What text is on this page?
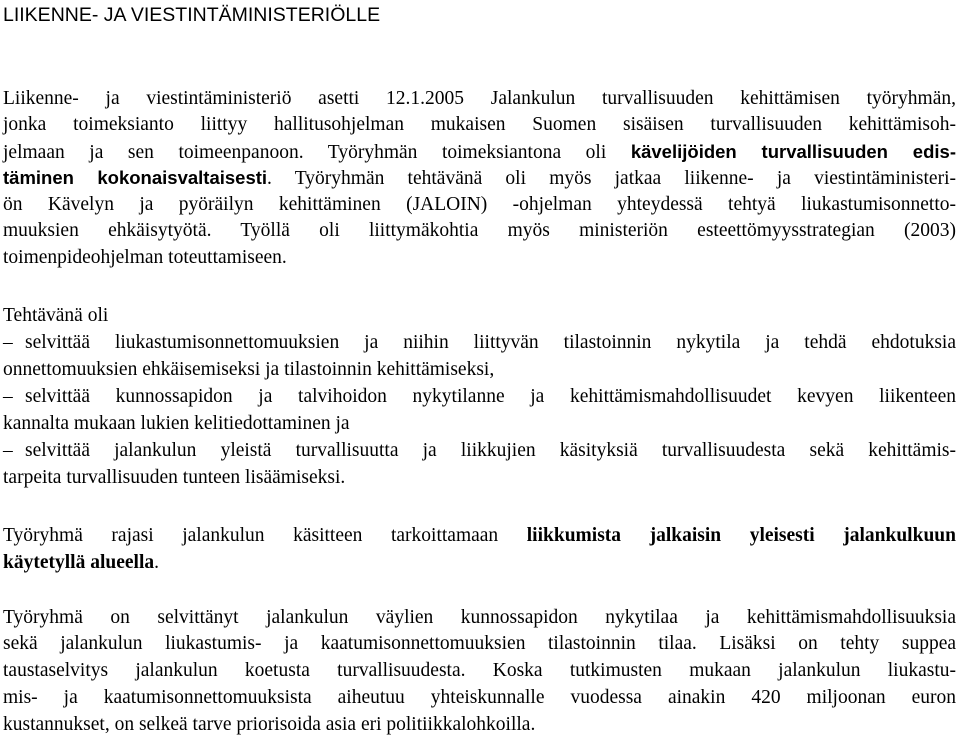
LIIKENNE- JA VIESTINTÄMINISTERIÖLLE
Liikenne- ja viestintäministeriö asetti 12.1.2005 Jalankulun turvallisuuden kehittämisen työryhmän,
jonka toimeksianto liittyy hallitusohjelman mukaisen Suomen sisäisen turvallisuuden kehittämisoh-
jelmaan ja sen toimeenpanoon. Työryhmän toimeksiantona oli kävelijöiden turvallisuuden edis-
täminen kokonaisvaltaisesti. Työryhmän tehtävänä oli myös jatkaa liikenne- ja viestintäministeri-
ön Kävelyn ja pyöräilyn kehittäminen (JALOIN) -ohjelman yhteydessä tehtyä liukastumisonnetto-
muuksien ehkäisytyötä. Työllä oli liittymäkohtia myös ministeriön esteettömyysstrategian (2003)
toimenpideohjelman toteuttamiseen.
Tehtävänä oli
– selvittää liukastumisonnettomuuksien ja niihin liittyvän tilastoinnin nykytila ja tehdä ehdotuksia
onnettomuuksien ehkäisemiseksi ja tilastoinnin kehittämiseksi,
– selvittää kunnossapidon ja talvihoidon nykytilanne ja kehittämismahdollisuudet kevyen liikenteen
kannalta mukaan lukien kelitiedottaminen ja
– selvittää jalankulun yleistä turvallisuutta ja liikkujien käsityksiä turvallisuudesta sekä kehittämis-
tarpeita turvallisuuden tunteen lisäämiseksi.
Työryhmä rajasi jalankulun käsitteen tarkoittamaan liikkumista jalkaisin yleisesti jalankulkuun
käytetyllä alueella.
Työryhmä on selvittänyt jalankulun väylien kunnossapidon nykytilaa ja kehittämismahdollisuuksia
sekä jalankulun liukastumis- ja kaatumisonnettomuuksien tilastoinnin tilaa. Lisäksi on tehty suppea
taustaselvitys jalankulun koetusta turvallisuudesta. Koska tutkimusten mukaan jalankulun liukastu-
mis- ja kaatumisonnettomuuksista aiheutuu yhteiskunnalle vuodessa ainakin 420 miljoonan euron
kustannukset, on selkeä tarve priorisoida asia eri politiikkalohkoilla.
